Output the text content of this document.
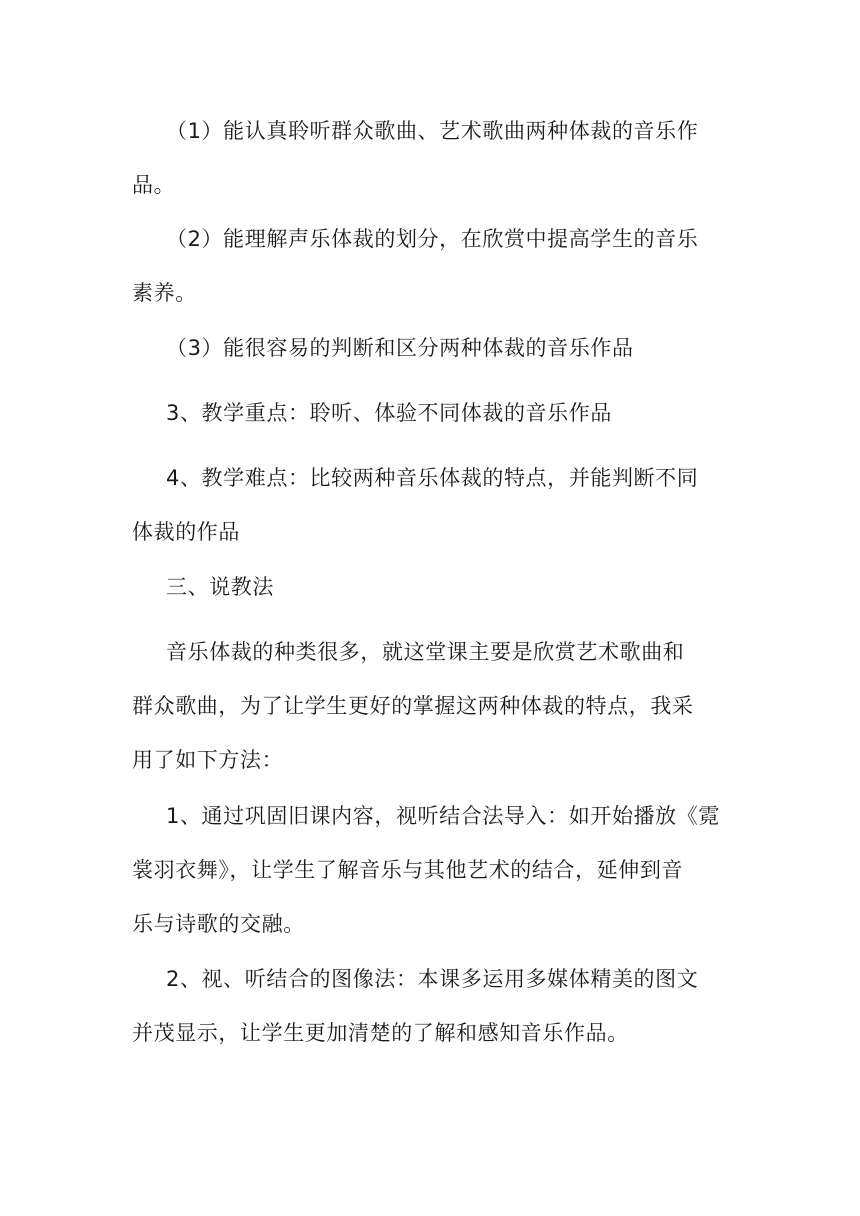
（1）能认真聆听群众歌曲、艺术歌曲两种体裁的音乐作
品。

（2）能理解声乐体裁的划分，在欣赏中提高学生的音乐
素养。

（3）能很容易的判断和区分两种体裁的音乐作品

3、教学重点：聆听、体验不同体裁的音乐作品

4、教学难点：比较两种音乐体裁的特点，并能判断不同
体裁的作品

三、说教法

音乐体裁的种类很多，就这堂课主要是欣赏艺术歌曲和
群众歌曲，为了让学生更好的掌握这两种体裁的特点，我采
用了如下方法：

1、通过巩固旧课内容，视听结合法导入：如开始播放《霓
裳羽衣舞》，让学生了解音乐与其他艺术的结合，延伸到音
乐与诗歌的交融。

2、视、听结合的图像法：本课多运用多媒体精美的图文
并茂显示，让学生更加清楚的了解和感知音乐作品。
